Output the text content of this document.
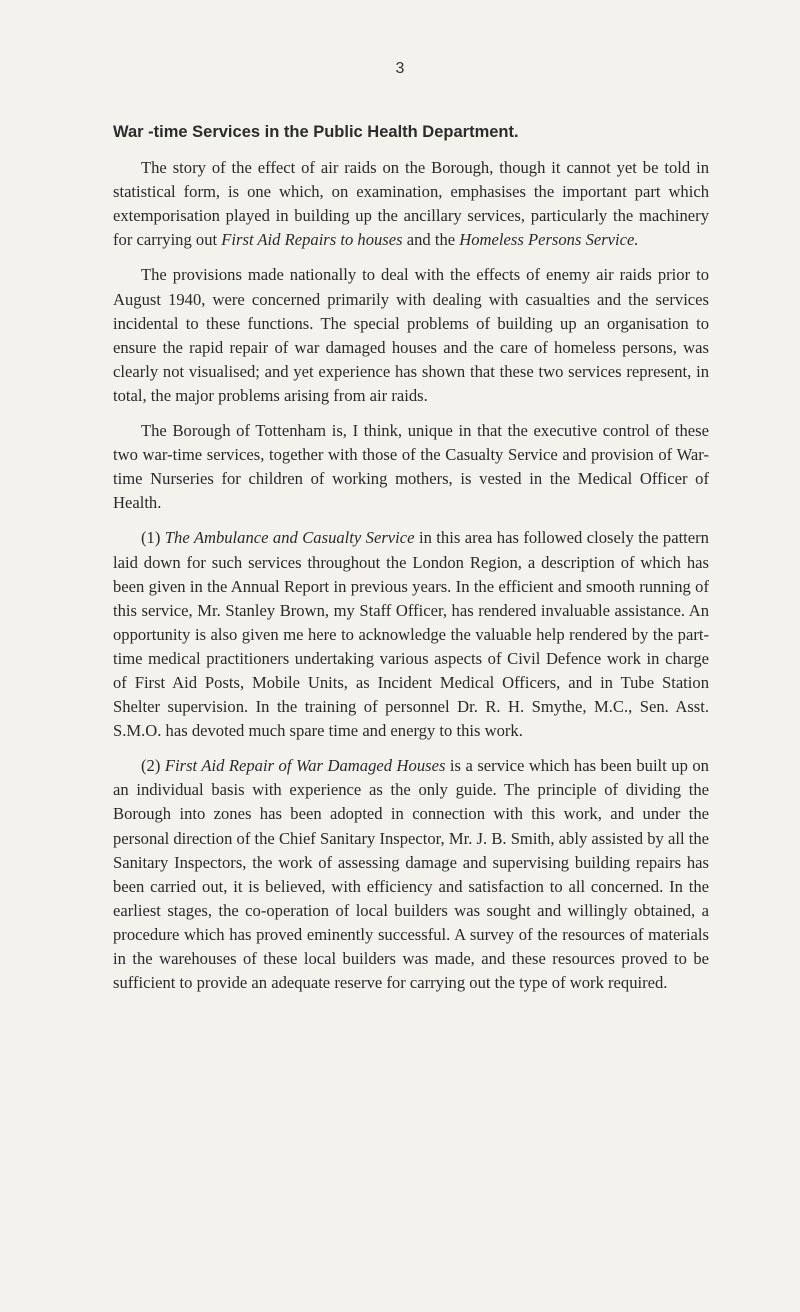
3
War -time Services in the Public Health Department.

The story of the effect of air raids on the Borough, though it cannot yet be told in statistical form, is one which, on examination, emphasises the important part which extemporisation played in building up the ancillary services, particularly the machinery for carrying out First Aid Repairs to houses and the Homeless Persons Service.

The provisions made nationally to deal with the effects of enemy air raids prior to August 1940, were concerned primarily with dealing with casualties and the services incidental to these functions. The special problems of building up an organisation to ensure the rapid repair of war damaged houses and the care of homeless persons, was clearly not visualised; and yet experience has shown that these two services represent, in total, the major problems arising from air raids.

The Borough of Tottenham is, I think, unique in that the executive control of these two war-time services, together with those of the Casualty Service and provision of War-time Nurseries for children of working mothers, is vested in the Medical Officer of Health.

(1) The Ambulance and Casualty Service in this area has followed closely the pattern laid down for such services throughout the London Region, a description of which has been given in the Annual Report in previous years. In the efficient and smooth running of this service, Mr. Stanley Brown, my Staff Officer, has rendered invaluable assistance. An opportunity is also given me here to acknowledge the valuable help rendered by the part-time medical practitioners undertaking various aspects of Civil Defence work in charge of First Aid Posts, Mobile Units, as Incident Medical Officers, and in Tube Station Shelter supervision. In the training of personnel Dr. R. H. Smythe, M.C., Sen. Asst. S.M.O. has devoted much spare time and energy to this work.

(2) First Aid Repair of War Damaged Houses is a service which has been built up on an individual basis with experience as the only guide. The principle of dividing the Borough into zones has been adopted in connection with this work, and under the personal direction of the Chief Sanitary Inspector, Mr. J. B. Smith, ably assisted by all the Sanitary Inspectors, the work of assessing damage and supervising building repairs has been carried out, it is believed, with efficiency and satisfaction to all concerned. In the earliest stages, the co-operation of local builders was sought and willingly obtained, a procedure which has proved eminently successful. A survey of the resources of materials in the warehouses of these local builders was made, and these resources proved to be sufficient to provide an adequate reserve for carrying out the type of work required.
